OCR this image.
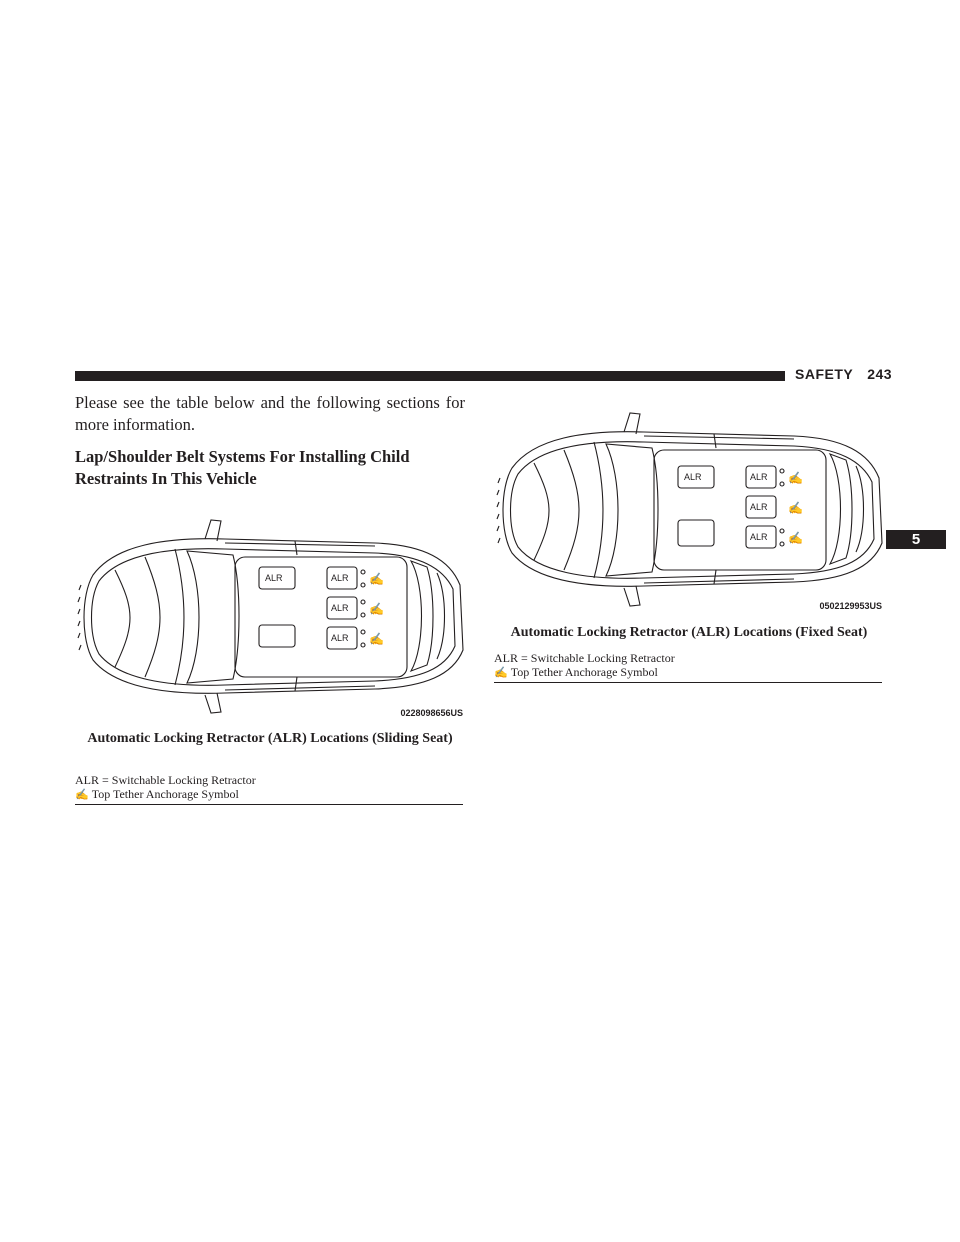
SAFETY 243
5
Please see the table below and the following sections for more information.
Lap/Shoulder Belt Systems For Installing Child Restraints In This Vehicle
ALR	ALR
ALR
ALR
✍
✍
✍
0228098656US
Automatic Locking Retractor (ALR) Locations (Sliding Seat)
ALR = Switchable Locking Retractor
✍ Top Tether Anchorage Symbol
ALR	ALR
ALR
ALR
✍
✍
✍
0502129953US
Automatic Locking Retractor (ALR) Locations (Fixed Seat)
ALR = Switchable Locking Retractor
✍ Top Tether Anchorage Symbol
